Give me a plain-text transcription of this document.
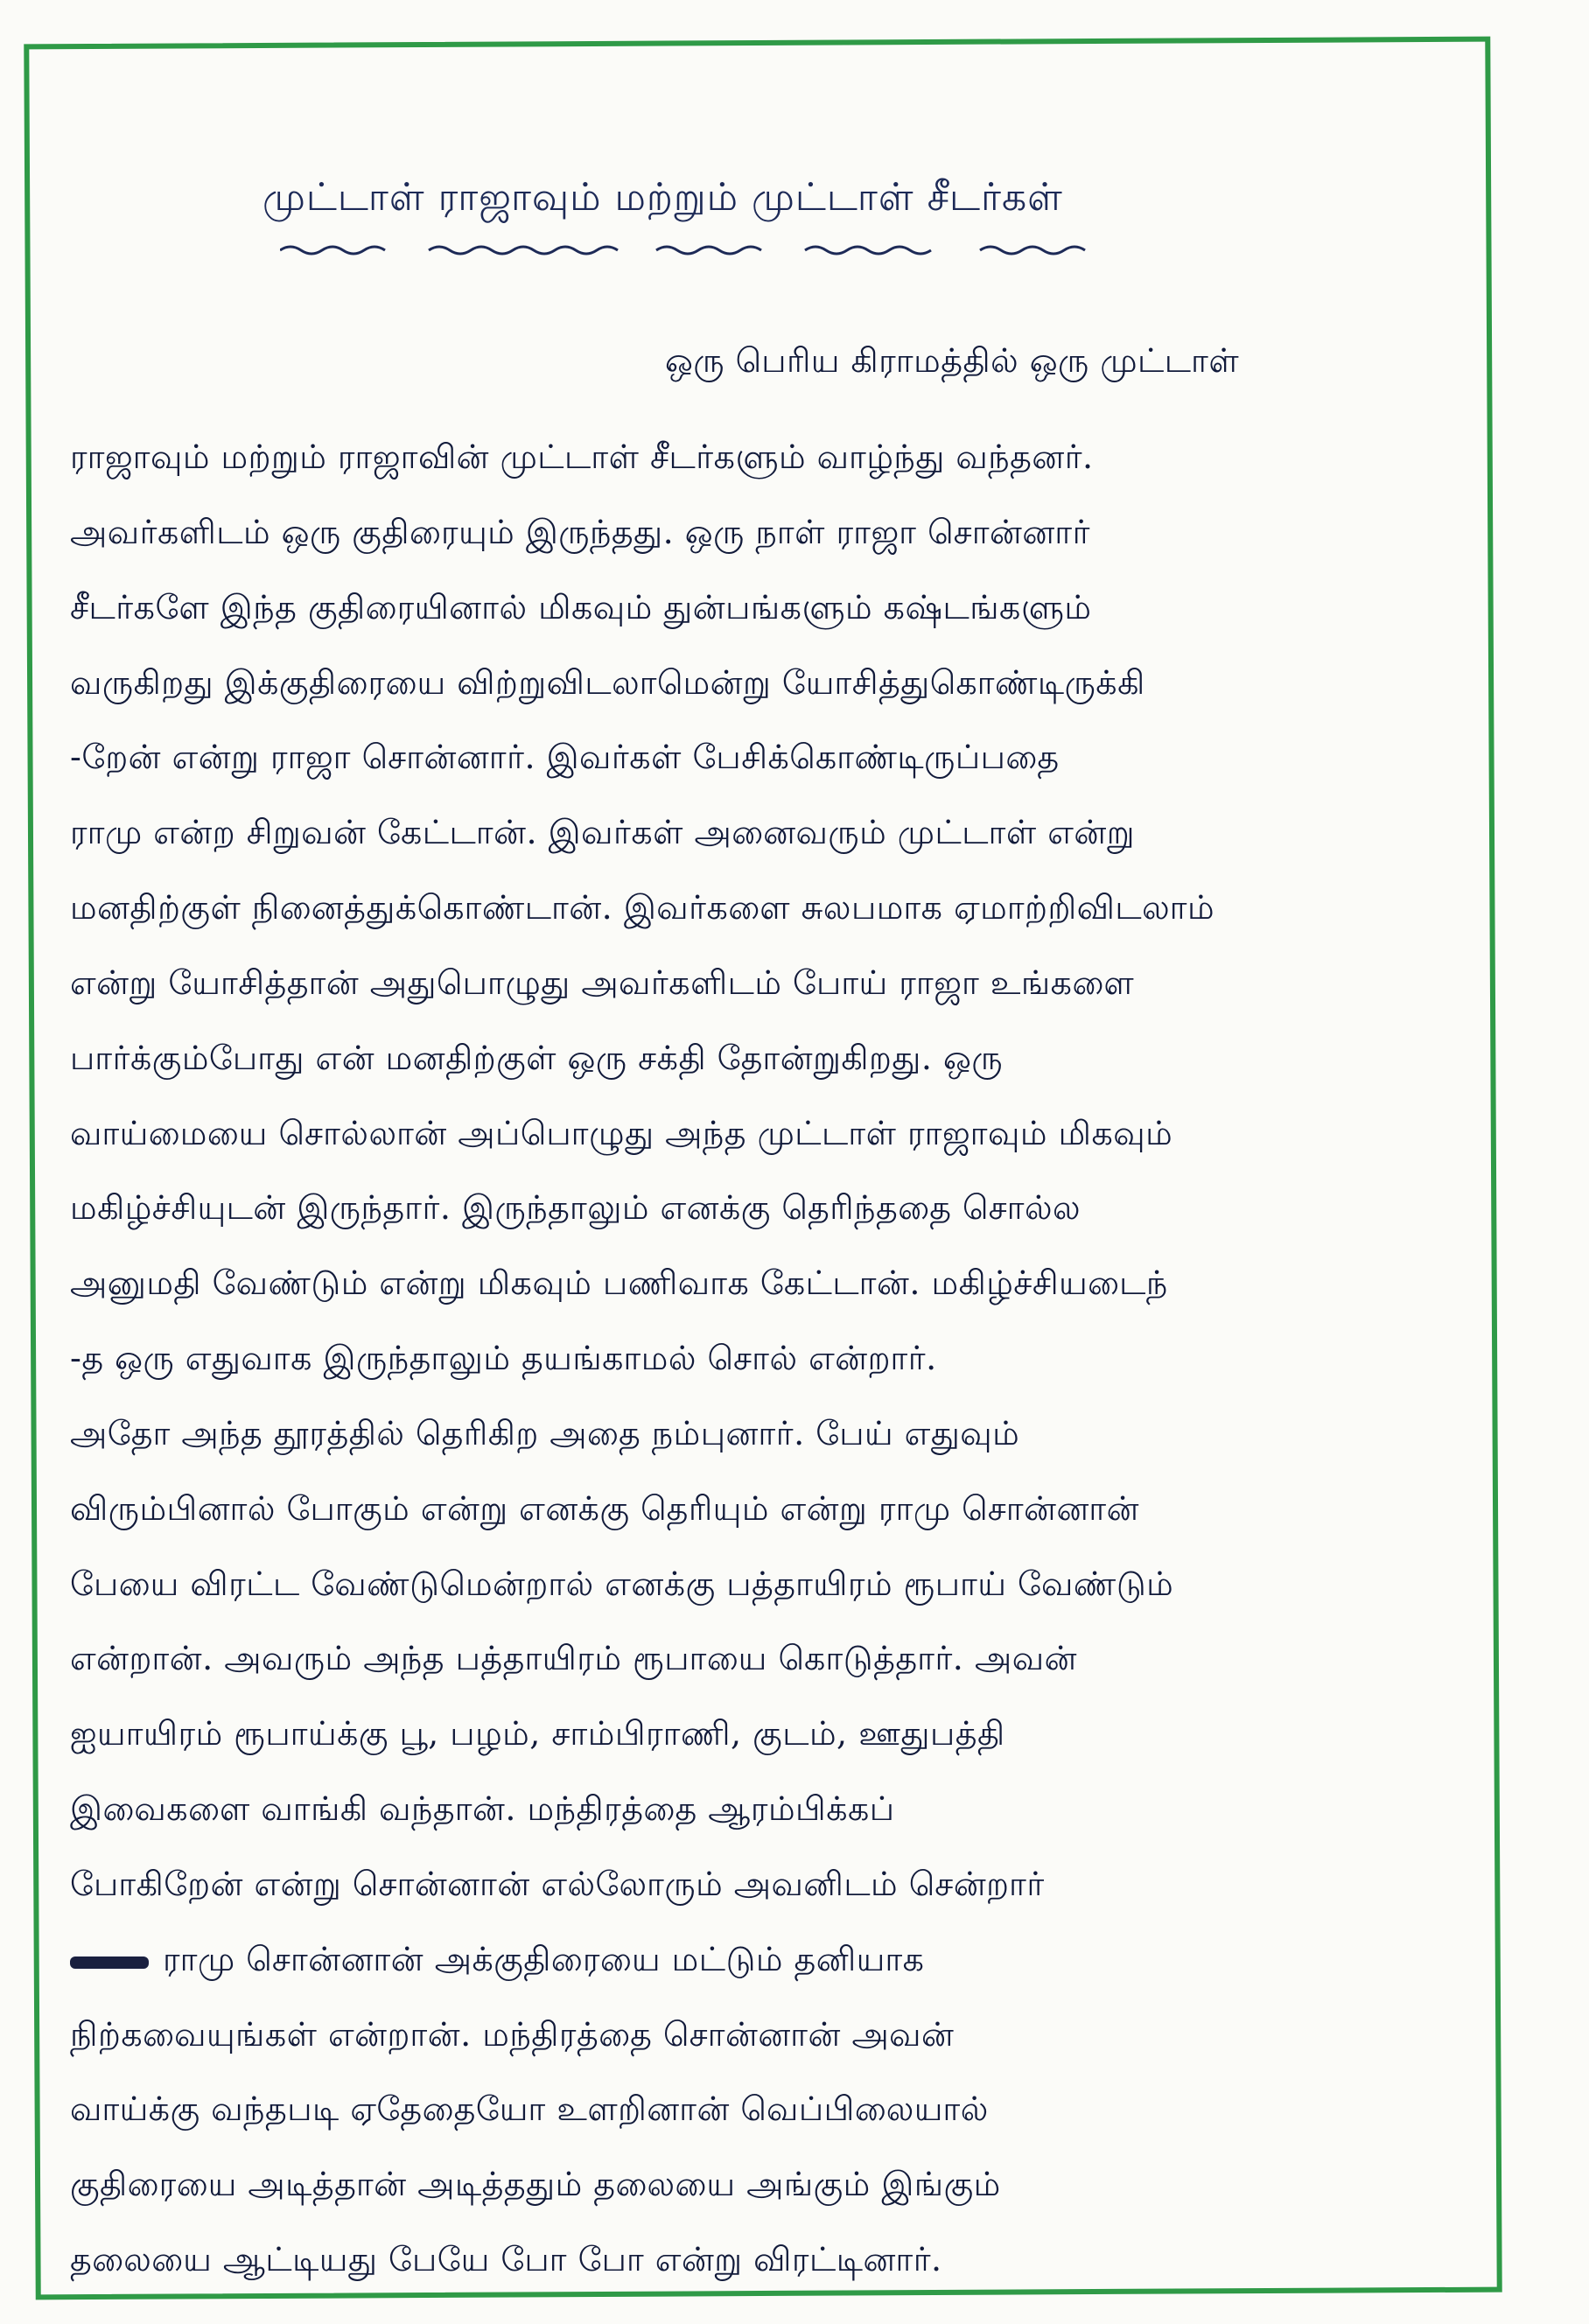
முட்டாள் ராஜாவும் மற்றும் முட்டாள் சீடர்கள்
ஒரு பெரிய கிராமத்தில் ஒரு முட்டாள்
ராஜாவும் மற்றும் ராஜாவின் முட்டாள் சீடர்களும் வாழ்ந்து வந்தனர்.
அவர்களிடம் ஒரு குதிரையும் இருந்தது. ஒரு நாள் ராஜா சொன்னார்
சீடர்களே இந்த குதிரையினால் மிகவும் துன்பங்களும் கஷ்டங்களும்
வருகிறது இக்குதிரையை விற்றுவிடலாமென்று யோசித்துகொண்டிருக்கி
-றேன் என்று ராஜா சொன்னார். இவர்கள் பேசிக்கொண்டிருப்பதை
ராமு என்ற சிறுவன் கேட்டான். இவர்கள் அனைவரும் முட்டாள் என்று
மனதிற்குள் நினைத்துக்கொண்டான். இவர்களை சுலபமாக ஏமாற்றிவிடலாம்
என்று யோசித்தான் அதுபொழுது அவர்களிடம் போய் ராஜா உங்களை
பார்க்கும்போது என் மனதிற்குள் ஒரு சக்தி தோன்றுகிறது. ஒரு
வாய்மையை சொல்லான் அப்பொழுது அந்த முட்டாள் ராஜாவும் மிகவும்
மகிழ்ச்சியுடன் இருந்தார். இருந்தாலும் எனக்கு தெரிந்ததை சொல்ல
அனுமதி வேண்டும் என்று மிகவும் பணிவாக கேட்டான். மகிழ்ச்சியடைந்
-த ஒரு எதுவாக இருந்தாலும் தயங்காமல் சொல் என்றார்.
அதோ அந்த தூரத்தில் தெரிகிற அதை நம்புனார். பேய் எதுவும்
விரும்பினால் போகும் என்று எனக்கு தெரியும் என்று ராமு சொன்னான்
பேயை விரட்ட வேண்டுமென்றால் எனக்கு பத்தாயிரம் ரூபாய் வேண்டும்
என்றான். அவரும் அந்த பத்தாயிரம் ரூபாயை கொடுத்தார். அவன்
ஐயாயிரம் ரூபாய்க்கு பூ, பழம், சாம்பிராணி, குடம், ஊதுபத்தி
இவைகளை வாங்கி வந்தான். மந்திரத்தை ஆரம்பிக்கப்
போகிறேன் என்று சொன்னான் எல்லோரும் அவனிடம் சென்றார்
ராமு சொன்னான் அக்குதிரையை மட்டும் தனியாக
நிற்கவையுங்கள் என்றான். மந்திரத்தை சொன்னான் அவன்
வாய்க்கு வந்தபடி ஏதேதையோ உளறினான் வெப்பிலையால்
குதிரையை அடித்தான் அடித்ததும் தலையை அங்கும் இங்கும்
தலையை ஆட்டியது பேயே போ போ என்று விரட்டினார்.
